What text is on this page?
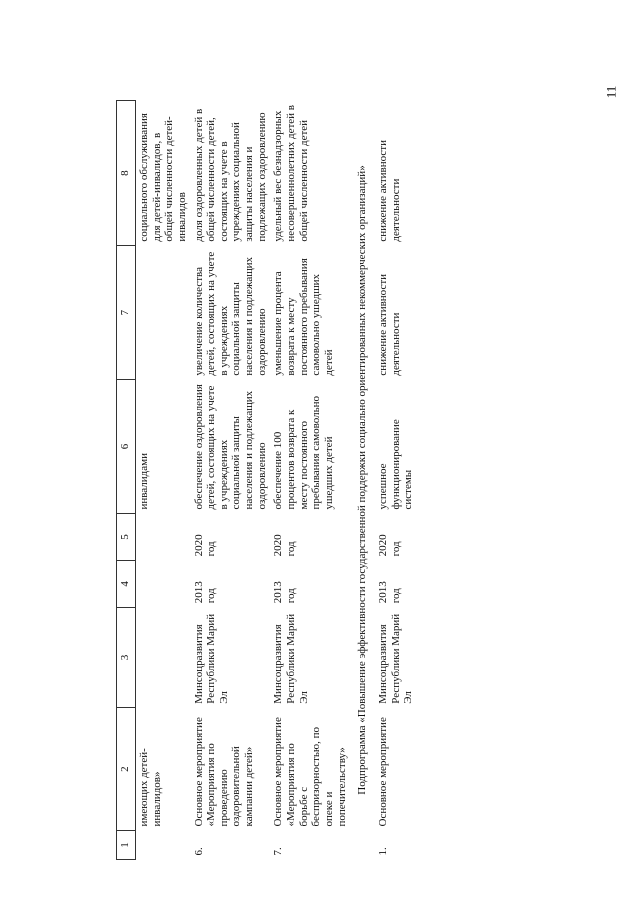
11
1	2	3	4	5	6	7	8
	имеющих детей-инвалидов»				инвалидами		социального обслуживания для детей-инвалидов, в общей численности детей-инвалидов
6.	Основное мероприятие «Мероприятия по проведению оздоровительной кампании детей»	Минсоцразвития Республики Марий Эл	2013 год	2020 год	обеспечение оздоровления детей, состоящих на учете в учреждениях социальной защиты населения и подлежащих оздоровлению	увеличение количества детей, состоящих на учете в учреждениях социальной защиты населения и подлежащих оздоровлению	доля оздоровленных детей в общей численности детей, состоящих на учете в учреждениях социальной защиты населения и подлежащих оздоровлению
7.	Основное мероприятие «Мероприятия по борьбе с беспризорностью, по опеке и попечительству»	Минсоцразвития Республики Марий Эл	2013 год	2020 год	обеспечение 100 процентов возврата к месту постоянного пребывания самовольно ушедших детей	уменьшение процента возврата к месту постоянного пребывания самовольно ушедших детей	удельный вес безнадзорных несовершеннолетних детей в общей численности детей
Подпрограмма «Повышение эффективности государственной поддержки социально ориентированных некоммерческих организаций»							
1.	Основное мероприятие	Минсоцразвития Республики Марий Эл	2013 год	2020 год	успешное функционирование системы	снижение активности деятельности	снижение активности деятельности
